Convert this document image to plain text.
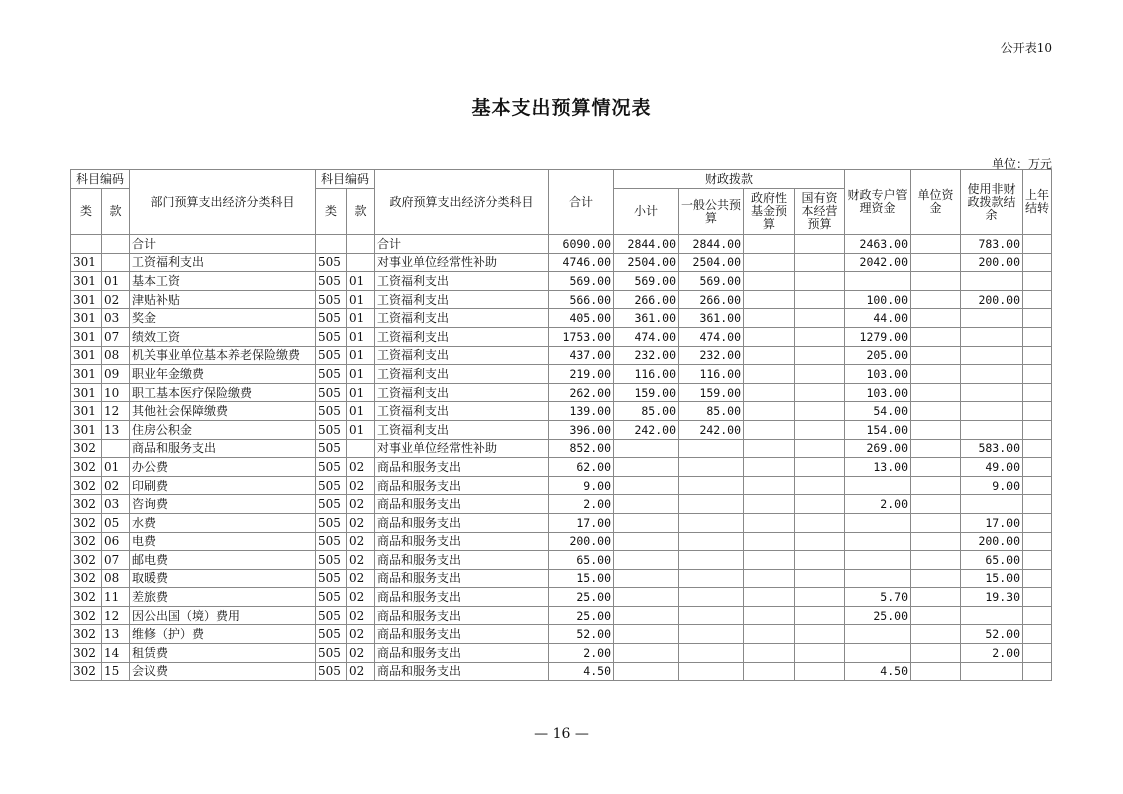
公开表10
基本支出预算情况表
单位：万元
科目编码		部门预算支出经济分类科目	科目编码		政府预算支出经济分类科目	合计	财政拨款				财政专户管理资金	单位资金	使用非财政拨款结余	上年结转
类	款		类	款			小计	一般公共预算	政府性基金预算	国有资本经营预算				
		合计			合计	6090.00	2844.00	2844.00			2463.00		783.00	
301		工资福利支出	505		对事业单位经常性补助	4746.00	2504.00	2504.00			2042.00		200.00	
301	01	基本工资	505	01	工资福利支出	569.00	569.00	569.00						
301	02	津贴补贴	505	01	工资福利支出	566.00	266.00	266.00			100.00		200.00	
301	03	奖金	505	01	工资福利支出	405.00	361.00	361.00			44.00			
301	07	绩效工资	505	01	工资福利支出	1753.00	474.00	474.00			1279.00			
301	08	机关事业单位基本养老保险缴费	505	01	工资福利支出	437.00	232.00	232.00			205.00			
301	09	职业年金缴费	505	01	工资福利支出	219.00	116.00	116.00			103.00			
301	10	职工基本医疗保险缴费	505	01	工资福利支出	262.00	159.00	159.00			103.00			
301	12	其他社会保障缴费	505	01	工资福利支出	139.00	85.00	85.00			54.00			
301	13	住房公积金	505	01	工资福利支出	396.00	242.00	242.00			154.00			
302		商品和服务支出	505		对事业单位经常性补助	852.00					269.00		583.00	
302	01	办公费	505	02	商品和服务支出	62.00					13.00		49.00	
302	02	印刷费	505	02	商品和服务支出	9.00							9.00	
302	03	咨询费	505	02	商品和服务支出	2.00					2.00			
302	05	水费	505	02	商品和服务支出	17.00							17.00	
302	06	电费	505	02	商品和服务支出	200.00							200.00	
302	07	邮电费	505	02	商品和服务支出	65.00							65.00	
302	08	取暖费	505	02	商品和服务支出	15.00							15.00	
302	11	差旅费	505	02	商品和服务支出	25.00					5.70		19.30	
302	12	因公出国（境）费用	505	02	商品和服务支出	25.00					25.00			
302	13	维修（护）费	505	02	商品和服务支出	52.00							52.00	
302	14	租赁费	505	02	商品和服务支出	2.00							2.00	
302	15	会议费	505	02	商品和服务支出	4.50					4.50			
— 16 —
